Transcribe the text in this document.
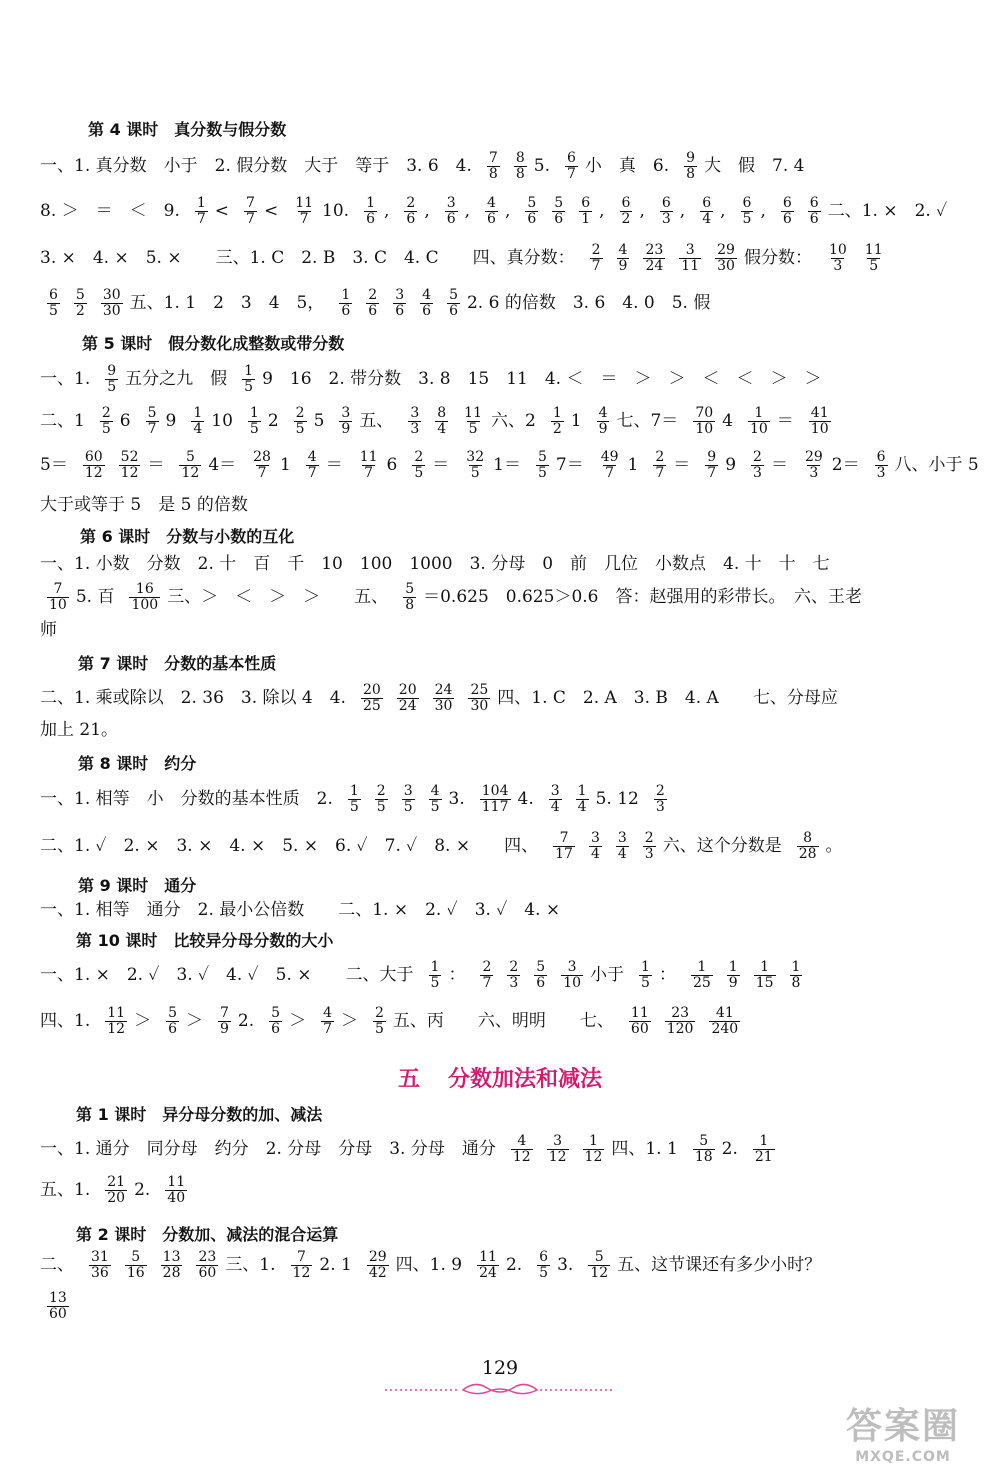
第 4 课时　真分数与假分数
一、1. 真分数　小于　2. 假分数　大于　等于　3. 6　4. $\frac{7}{8} \frac{8}{8} 5$. $\frac{6}{7}$ 小　真　6. $\frac{9}{8}$ 大　假　7. 4
8. ＞　＝　＜　9. $\frac{1}{7} < \frac{7}{7} < \frac{11}{7} 10$. $\frac{1}{6}$ , $\frac{2}{6}$ , $\frac{3}{6}$ , $\frac{4}{6}$ , $\frac{5}{6} \frac{5}{6} \frac{6}{1}$ , $\frac{6}{2}$ , $\frac{6}{3}$ , $\frac{6}{4}$ , $\frac{6}{5}$ , $\frac{6}{6} \frac{6}{6}$ 二、1. ×　2. ✓
3. ×　4. ×　5. ×　　三、1. C　2. B　3. C　4. C　　四、真分数： $\frac{2}{7} \frac{4}{9} \frac{23}{24} \frac{3}{11} \frac{29}{30}$ 假分数： $\frac{10}{3} \frac{11}{5}$
$\frac{6}{5} \frac{5}{2} \frac{30}{30}$ 五、1. 1　2　3　4　5， $\frac{1}{6} \frac{2}{6} \frac{3}{6} \frac{4}{6} \frac{5}{6} 2$. 6 的倍数　3. 6　4. 0　5. 假
第 5 课时　假分数化成整数或带分数
一、1. $\frac{9}{5}$ 五分之九　假 $\frac{1}{5} 9$　16　2. 带分数　3. 8　15　11　4. ＜　＝　＞　＞　＜　＜　＞　＞
二、$1 \frac{2}{5} 6 \frac{5}{7} 9 \frac{1}{4} 10 \frac{1}{5} 2 \frac{2}{5} 5 \frac{3}{9}$ 五、 $\frac{3}{3} \frac{8}{4} \frac{11}{5}$ 六、$2 \frac{1}{2} 1 \frac{4}{9}$ 七、$7= \frac{70}{10} 4 \frac{1}{10} = \frac{41}{10}$
$5= \frac{60}{12} \frac{52}{12} = \frac{5}{12} 4= \frac{28}{7} 1 \frac{4}{7} = \frac{11}{7} 6 \frac{2}{5} = \frac{32}{5} 1= \frac{5}{5} 7= \frac{49}{7} 1 \frac{2}{7} = \frac{9}{7} 9 \frac{2}{3} = \frac{29}{3} 2= \frac{6}{3}$ 八、小于 5
大于或等于 5　是 5 的倍数
第 6 课时　分数与小数的互化
一、1. 小数　分数　2. 十　百　千　10　100　1000　3. 分母　0　前　几位　小数点　4. 十　十　七
$\frac{7}{10} 5$. 百 $\frac{16}{100}$ 三、＞　＜　＞　＞　　五、 $\frac{5}{8} =0.625$　0.625＞0.6　答：赵强用的彩带长。　六、王老
师
第 7 课时　分数的基本性质
二、1. 乘或除以　2. 36　3. 除以 4　4. $\frac{20}{25} \frac{20}{24} \frac{24}{30} \frac{25}{30}$ 四、1. C　2. A　3. B　4. A　　七、分母应
加上 21。
第 8 课时　约分
一、1. 相等　小　分数的基本性质　2. $\frac{1}{5} \frac{2}{5} \frac{3}{5} \frac{4}{5} 3$. $\frac{104}{117} 4$. $\frac{3}{4} \frac{1}{4} 5$. $12 \frac{2}{3}$
二、1. ✓　2. ×　3. ×　4. ×　5. ×　6. ✓　7. ✓　8. ×　　四、 $\frac{7}{17} \frac{3}{4} \frac{3}{4} \frac{2}{3}$ 六、这个分数是 $\frac{8}{28}$ 。
第 9 课时　通分
一、1. 相等　通分　2. 最小公倍数　　二、1. ×　2. ✓　3. ✓　4. ×
第 10 课时　比较异分母分数的大小
一、1. ×　2. ✓　3. ✓　4. ✓　5. ×　　二、大于 $\frac{1}{5}$ ： $\frac{2}{7} \frac{2}{3} \frac{5}{6} \frac{3}{10}$ 小于 $\frac{1}{5}$ ： $\frac{1}{25} \frac{1}{9} \frac{1}{15} \frac{1}{8}$
四、1. $\frac{11}{12} > \frac{5}{6} > \frac{7}{9} 2$. $\frac{5}{6} > \frac{4}{7} > \frac{2}{5}$ 五、丙　　六、明明　　七、 $\frac{11}{60} \frac{23}{120} \frac{41}{240}$
五 分数加法和减法
第 1 课时　异分母分数的加、减法
一、1. 通分　同分母　约分　2. 分母　分母　3. 分母　通分 $\frac{4}{12} \frac{3}{12} \frac{1}{12}$ 四、1. $1 \frac{5}{18} 2$. $\frac{1}{21}$
五、1. $\frac{21}{20} 2$. $\frac{11}{40}$
第 2 课时　分数加、减法的混合运算
二、 $\frac{31}{36} \frac{5}{16} \frac{13}{28} \frac{23}{60}$ 三、1. $\frac{7}{12} 2$. $1 \frac{29}{42}$ 四、1. $9 \frac{11}{24} 2$. $\frac{6}{5} 3$. $\frac{5}{12}$ 五、这节课还有多少小时？
$\frac{13}{60}$
129
答案圈
MXQE.COM
